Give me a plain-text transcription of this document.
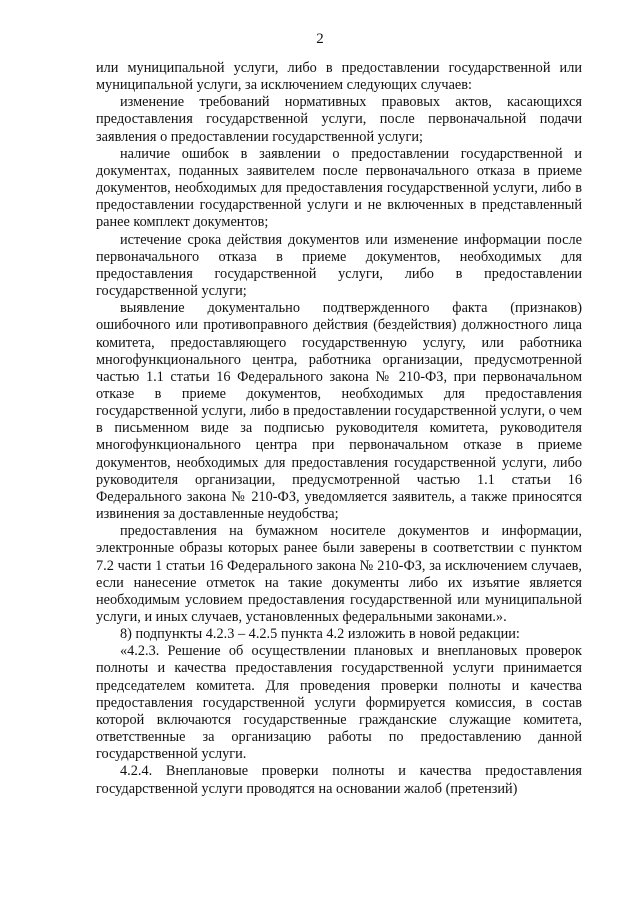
2

или муниципальной услуги, либо в предоставлении государственной или муниципальной услуги, за исключением следующих случаев:

изменение требований нормативных правовых актов, касающихся предоставления государственной услуги, после первоначальной подачи заявления о предоставлении государственной услуги;

наличие ошибок в заявлении о предоставлении государственной и документах, поданных заявителем после первоначального отказа в приеме документов, необходимых для предоставления государственной услуги, либо в предоставлении государственной услуги и не включенных в представленный ранее комплект документов;

истечение срока действия документов или изменение информации после первоначального отказа в приеме документов, необходимых для предоставления государственной услуги, либо в предоставлении государственной услуги;

выявление документально подтвержденного факта (признаков) ошибочного или противоправного действия (бездействия) должностного лица комитета, предоставляющего государственную услугу, или работника многофункционального центра, работника организации, предусмотренной частью 1.1 статьи 16 Федерального закона № 210-ФЗ, при первоначальном отказе в приеме документов, необходимых для предоставления государственной услуги, либо в предоставлении государственной услуги, о чем в письменном виде за подписью руководителя комитета, руководителя многофункционального центра при первоначальном отказе в приеме документов, необходимых для предоставления государственной услуги, либо руководителя организации, предусмотренной частью 1.1 статьи 16 Федерального закона № 210-ФЗ, уведомляется заявитель, а также приносятся извинения за доставленные неудобства;

предоставления на бумажном носителе документов и информации, электронные образы которых ранее были заверены в соответствии с пунктом 7.2 части 1 статьи 16 Федерального закона № 210-ФЗ, за исключением случаев, если нанесение отметок на такие документы либо их изъятие является необходимым условием предоставления государственной или муниципальной услуги, и иных случаев, установленных федеральными законами.».

8) подпункты 4.2.3 – 4.2.5 пункта 4.2 изложить в новой редакции:

«4.2.3. Решение об осуществлении плановых и внеплановых проверок полноты и качества предоставления государственной услуги принимается председателем комитета. Для проведения проверки полноты и качества предоставления государственной услуги формируется комиссия, в состав которой включаются государственные гражданские служащие комитета, ответственные за организацию работы по предоставлению данной государственной услуги.

4.2.4. Внеплановые проверки полноты и качества предоставления государственной услуги проводятся на основании жалоб (претензий)
